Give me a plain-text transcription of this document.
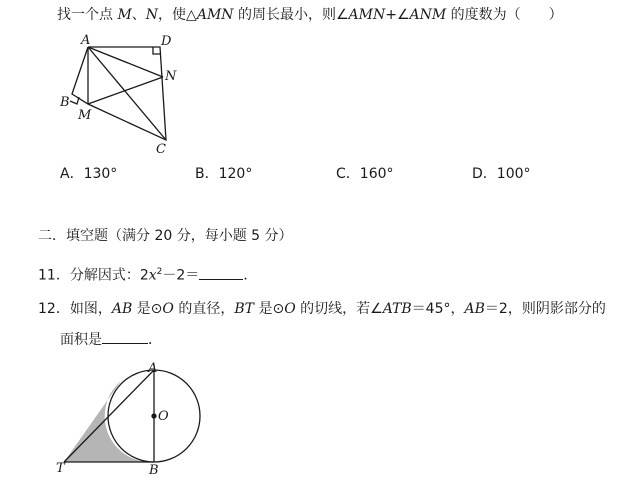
找一个点 M、N，使△AMN 的周长最小，则∠AMN+∠ANM 的度数为（　　）
A	D
N
B
M
C
A
O
T	B
A．130°	B．120°	C．160°	D．100°
二．填空题（满分 20 分，每小题 5 分）
11．分解因式：$2x^2-2=$	．
12．如图，AB 是⊙O 的直径，BT 是⊙O 的切线，若∠ATB＝45°，AB＝2，则阴影部分的
面积是	．
